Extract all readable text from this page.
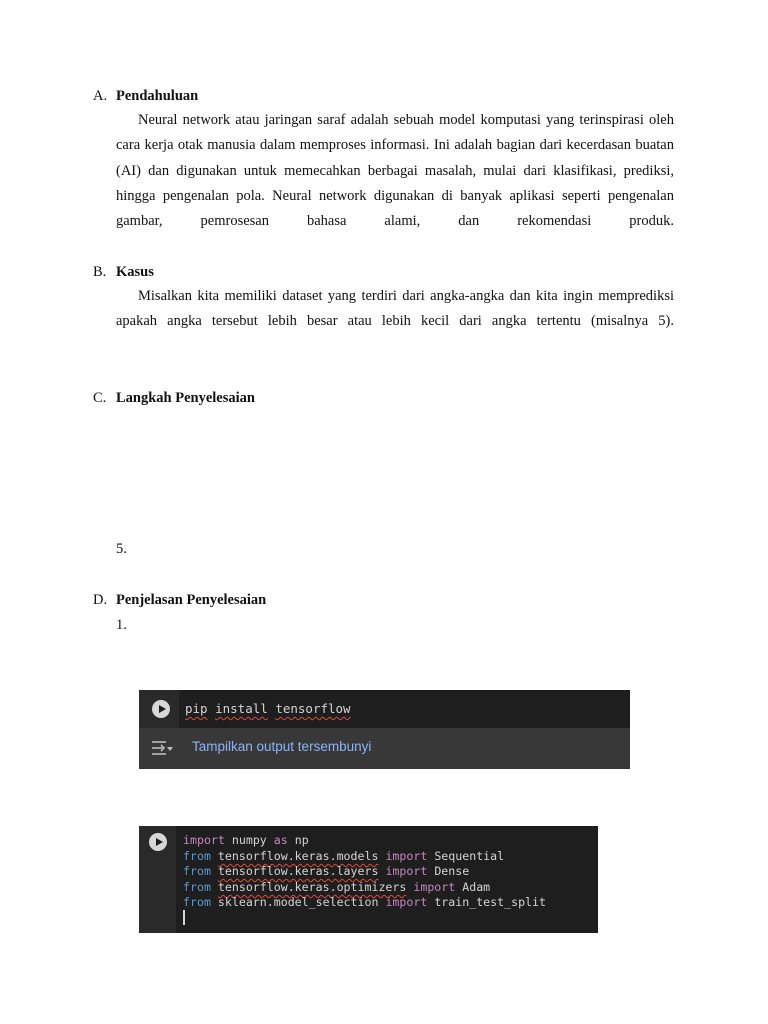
A. Pendahuluan

Neural network atau jaringan saraf adalah sebuah model komputasi yang terinspirasi oleh cara kerja otak manusia dalam memproses informasi. Ini adalah bagian dari kecerdasan buatan (AI) dan digunakan untuk memecahkan berbagai masalah, mulai dari klasifikasi, prediksi, hingga pengenalan pola. Neural network digunakan di banyak aplikasi seperti pengenalan gambar, pemrosesan bahasa alami, dan rekomendasi produk.

B. Kasus

Misalkan kita memiliki dataset yang terdiri dari angka-angka dan kita ingin memprediksi apakah angka tersebut lebih besar atau lebih kecil dari angka tertentu (misalnya 5).

C. Langkah Penyelesaian
5.
D. Penjelasan Penyelesaian
1.
pip install tensorflow
Tampilkan output tersembunyi
import numpy as np
from tensorflow.keras.models import Sequential
from tensorflow.keras.layers import Dense
from tensorflow.keras.optimizers import Adam
from sklearn.model_selection import train_test_split
